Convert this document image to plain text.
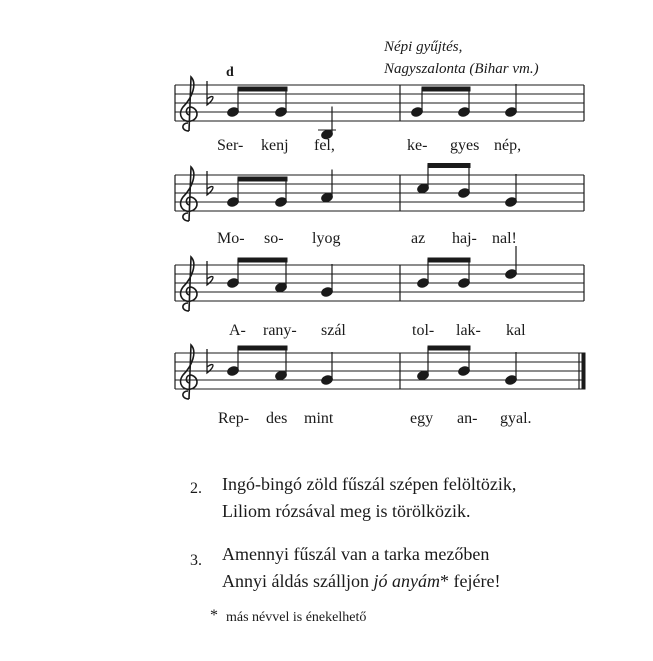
Népi gyűjtés,
Nagyszalonta (Bihar vm.)
d
Ser- kenj fel,	ke- gyes nép,
Mo- so- lyog	az haj- nal!
A- rany- szál	tol- lak- kal
Rep- des mint	egy an- gyal.
2. Ingó-bingó zöld fűszál szépen felöltözik,
Liliom rózsával meg is törölközik.
3. Amennyi fűszál van a tarka mezőben
Annyi áldás szálljon jó anyám* fejére!
* más névvel is énekelhető
